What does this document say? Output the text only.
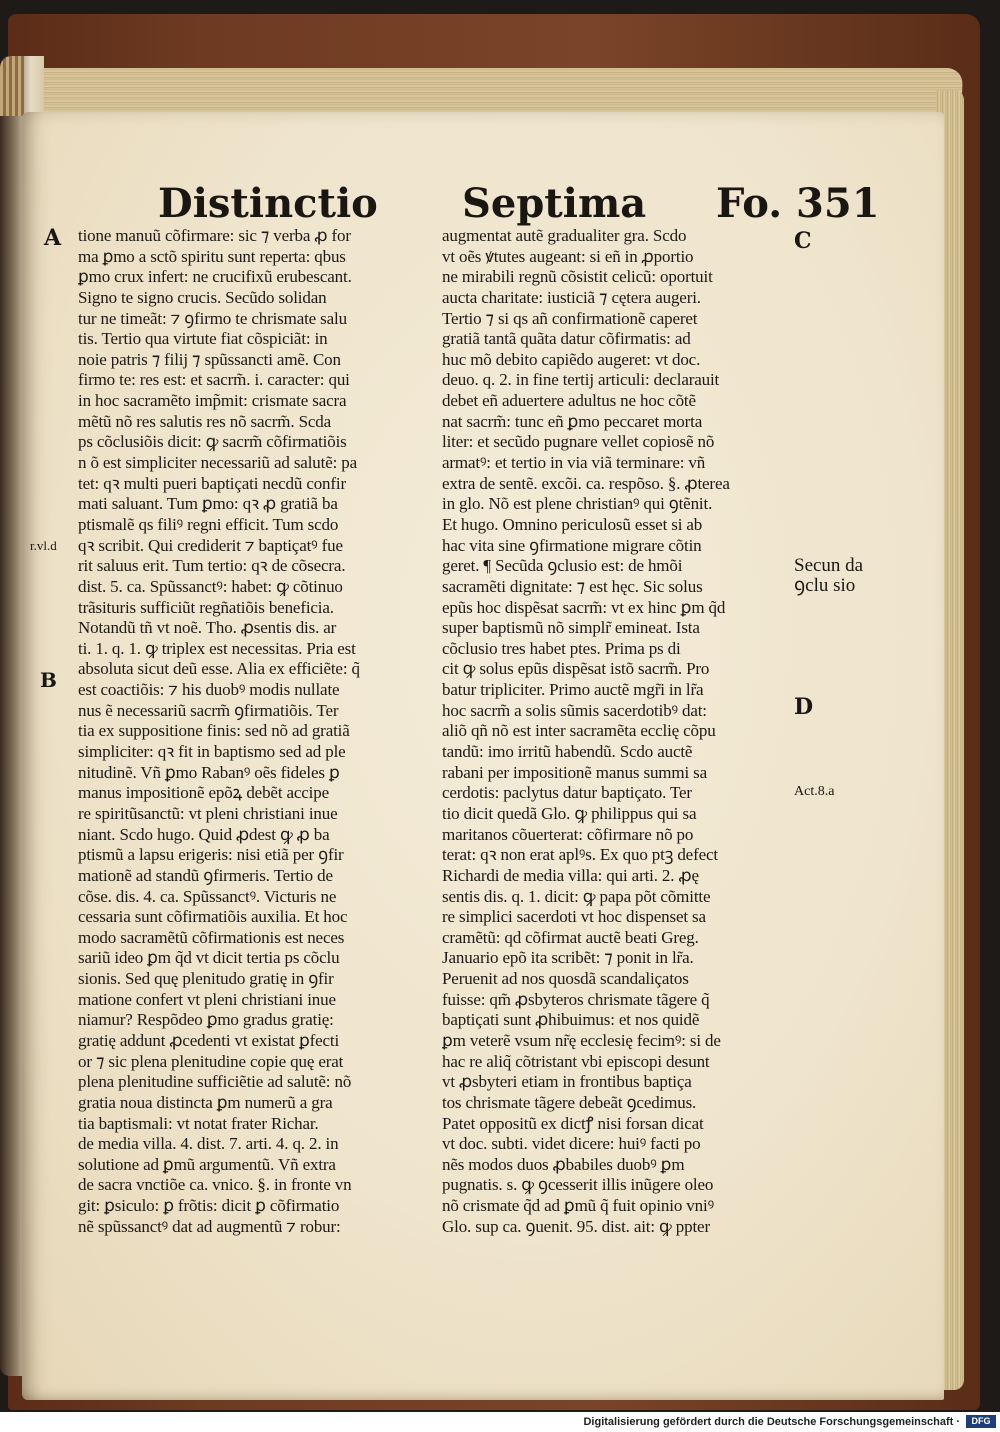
Distinctio Septima Fo. 351
A
r.vl.d
B
tione manuũ cõfirmare: sic ⁊ verba ꝓ for
ma ꝑmo a sctõ spiritu sunt reperta: qbus
ꝑmo crux infert: ne crucifixũ erubescant.
Signo te signo crucis. Secũdo solidan
tur ne timeãt: ⁊ ꝯfirmo te chrismate salu
tis. Tertio qua virtute fiat cõspiciãt: in
noie patris ⁊ filij ⁊ spũssancti amẽ. Con
firmo te: res est: et sacrm̃. i. caracter: qui
in hoc sacramẽto imp̃mit: crismate sacra
mẽtũ nõ res salutis res nõ sacrm̃. Scda
ps cõclusiõis dicit: ꝙ sacrm̃ cõfirmatiõis
n õ est simpliciter necessariũ ad salutẽ: pa
tet: qꝛ multi pueri baptiçati necdũ confir
mati saluant. Tum ꝑmo: qꝛ ꝓ gratiã ba
ptismalẽ qs filiꝰ regni efficit. Tum scdo
qꝛ scribit. Qui crediderit ⁊ baptiçatꝰ fue
rit saluus erit. Tum tertio: qꝛ de cõsecra.
dist. 5. ca. Spũssanctꝰ: habet: ꝙ cõtinuo
trãsituris sufficiũt regñatiõis beneficia.
Notandũ tñ vt noẽ. Tho. ꝓsentis dis. ar
ti. 1. q. 1. ꝙ triplex est necessitas. Pria est
absoluta sicut deũ esse. Alia ex efficiẽte: q̃
est coactiõis: ⁊ his duobꝰ modis nullate
nus ẽ necessariũ sacrm̃ ꝯfirmatiõis. Ter
tia ex suppositione finis: sed nõ ad gratiã
simpliciter: qꝛ fit in baptismo sed ad ple
nitudinẽ. Vñ ꝑmo Rabanꝰ oẽs fideles ꝑ
manus impositionẽ epõꝝ debẽt accipe
re spiritũsanctũ: vt pleni christiani inue
niant. Scdo hugo. Quid ꝓdest ꝙ ꝓ ba
ptismũ a lapsu erigeris: nisi etiã per ꝯfir
mationẽ ad standũ ꝯfirmeris. Tertio de
cõse. dis. 4. ca. Spũssanctꝰ. Victuris ne
cessaria sunt cõfirmatiõis auxilia. Et hoc
modo sacramẽtũ cõfirmationis est neces
sariũ ideo ꝑm q̃d vt dicit tertia ps cõclu
sionis. Sed quę plenitudo gratię in ꝯfir
matione confert vt pleni christiani inue
niamur? Respõdeo ꝑmo gradus gratię:
gratię addunt ꝓcedenti vt existat ꝑfecti
or ⁊ sic plena plenitudine copie quę erat
plena plenitudine sufficiẽtie ad salutẽ: nõ
gratia noua distincta ꝑm numerũ a gra
tia baptismali: vt notat frater Richar.
de media villa. 4. dist. 7. arti. 4. q. 2. in
solutione ad ꝑmũ argumentũ. Vñ extra
de sacra vnctiõe ca. vnico. §. in fronte vn
git: ꝑsiculo: ꝑ frõtis: dicit ꝑ cõfirmatio
nẽ spũssanctꝰ dat ad augmentũ ⁊ robur:
augmentat autẽ gradualiter gra. Scdo
vt oẽs ꝟtutes augeant: si eñ in ꝓportio
ne mirabili regnũ cõsistit celicũ: oportuit
aucta charitate: iusticiã ⁊ cętera augeri.
Tertio ⁊ si qs añ confirmationẽ caperet
gratiã tantã quãta datur cõfirmatis: ad
huc mõ debito capiẽdo augeret: vt doc.
deuo. q. 2. in fine tertij articuli: declarauit
debet eñ aduertere adultus ne hoc cõtẽ
nat sacrm̃: tunc eñ ꝑmo peccaret mortа
liter: et secũdo pugnare vellet copiosẽ nõ
armatꝰ: et tertio in via viã terminare: vñ
extra de sentẽ. excõi. ca. respõso. §. ꝓterea
in glo. Nõ est plene christianꝰ qui ꝯtẽnit.
Et hugo. Omnino periculosũ esset si ab
hac vita sine ꝯfirmatione migrare cõtin
geret. ¶ Secũda ꝯclusio est: de hmõi
sacramẽti dignitate: ⁊ est hęc. Sic solus
epũs hoc dispẽsat sacrm̃: vt ex hinc ꝑm q̃d
super baptismũ nõ simplr̃ emineat. Ista
cõclusio tres habet ptes. Prima ps di
cit ꝙ solus epũs dispẽsat istõ sacrm̃. Pro
batur tripliciter. Primo auctẽ mgr̃i in lr̃a
hoc sacrm̃ a solis sũmis sacerdotibꝰ dat:
aliõ qñ nõ est inter sacramẽta ecclię cõpu
tandũ: imo irritũ habendũ. Scdo auctẽ
rabani per impositionẽ manus summi sa
cerdotis: paclytus datur baptiçato. Ter
tio dicit quedã Glo. ꝙ philippus qui sa
maritanos cõuerterat: cõfirmare nõ po
terat: qꝛ non erat aplꝰs. Ex quo ptꝫ defect
Richardi de media villa: qui arti. 2. ꝓę
sentis dis. q. 1. dicit: ꝙ papa põt cõmitte
re simplici sacerdoti vt hoc dispenset sa
cramẽtũ: qd cõfirmat auctẽ beati Greg.
Januario epõ ita scribẽt: ⁊ ponit in lr̃a.
Peruenit ad nos quosdã scandaliçatos
fuisse: qm̃ ꝓsbyteros chrismate tãgere q̃
baptiçati sunt ꝓhibuimus: et nos quidẽ
ꝑm veterẽ vsum nr̃ę ecclesię fecimꝰ: si de
hac re aliq̃ cõtristant vbi episcopi desunt
vt ꝓsbyteri etiam in frontibus baptiça
tos chrismate tãgere debeãt ꝯcedimus.
Patet oppositũ ex dictꝭ nisi forsan dicat
vt doc. subti. videt dicere: huiꝰ facti po
nẽs modos duos ꝓbabiles duobꝰ ꝑm
pugnatis. s. ꝙ ꝯcesserit illis inũgere oleo
nõ crismate q̃d ad ꝑmũ q̃ fuit opinio vniꝰ
Glo. sup ca. ꝯuenit. 95. dist. ait: ꝙ ppter
C
Secun da ꝯclu sio
D
Act.8.a
Digitalisierung gefördert durch die Deutsche Forschungsgemeinschaft ·	DFG
